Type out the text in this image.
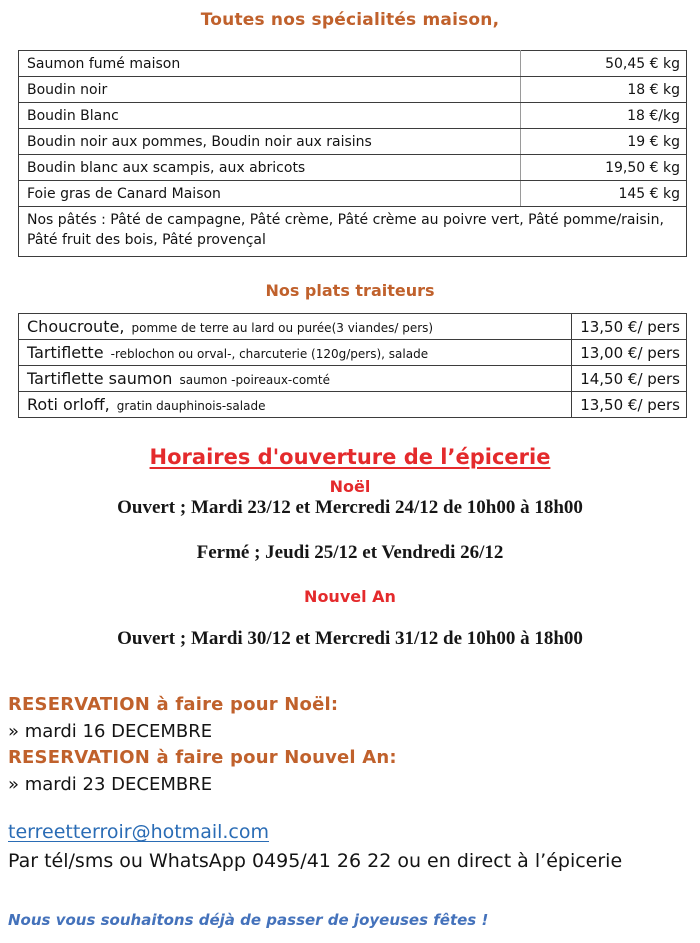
Toutes nos spécialités maison,
Saumon fumé maison	50,45 € kg
Boudin noir	18 € kg
Boudin Blanc	18 €/kg
Boudin noir aux pommes, Boudin noir aux raisins	19 € kg
Boudin blanc aux scampis, aux abricots	19,50 € kg
Foie gras de Canard Maison	145 € kg
Nos pâtés : Pâté de campagne, Pâté crème, Pâté crème au poivre vert, Pâté pomme/raisin, Pâté fruit des bois, Pâté provençal	
Nos plats traiteurs
Choucroute, pomme de terre au lard ou purée(3 viandes/ pers)	13,50 €/ pers
Tartiflette -reblochon ou orval-, charcuterie (120g/pers), salade	13,00 €/ pers
Tartiflette saumon saumon -poireaux-comté	14,50 €/ pers
Roti orloff, gratin dauphinois-salade	13,50 €/ pers
Horaires d'ouverture de l’épicerie
Noël
Ouvert ; Mardi 23/12 et Mercredi 24/12 de 10h00 à 18h00
Fermé ; Jeudi 25/12 et Vendredi 26/12
Nouvel An
Ouvert ; Mardi 30/12 et Mercredi 31/12 de 10h00 à 18h00
RESERVATION à faire pour Noël:
» mardi 16 DECEMBRE
RESERVATION à faire pour Nouvel An:
» mardi 23 DECEMBRE
terreetterroir@hotmail.com
Par tél/sms ou WhatsApp 0495/41 26 22 ou en direct à l’épicerie
Nous vous souhaitons déjà de passer de joyeuses fêtes !
